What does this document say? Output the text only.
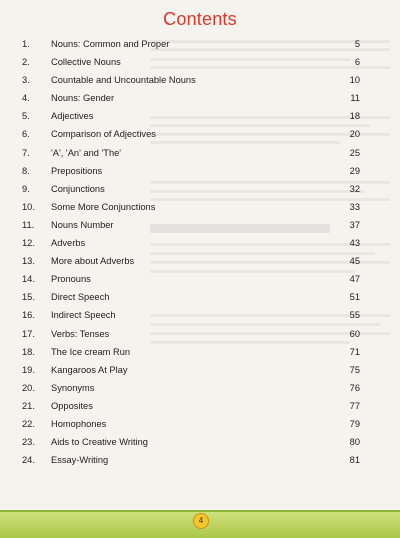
Contents
1.	Nouns: Common and Proper	5
2.	Collective Nouns	6
3.	Countable and Uncountable Nouns	10
4.	Nouns: Gender	11
5.	Adjectives	18
6.	Comparison of Adjectives	20
7.	'A', 'An' and 'The'	25
8.	Prepositions	29
9.	Conjunctions	32
10.	Some More Conjunctions	33
11.	Nouns Number	37
12.	Adverbs	43
13.	More about Adverbs	45
14.	Pronouns	47
15.	Direct Speech	51
16.	Indirect Speech	55
17.	Verbs: Tenses	60
18.	The Ice cream Run	71
19.	Kangaroos At Play	75
20.	Synonyms	76
21.	Opposites	77
22.	Homophones	79
23.	Aids to Creative Writing	80
24.	Essay-Writing	81
4
